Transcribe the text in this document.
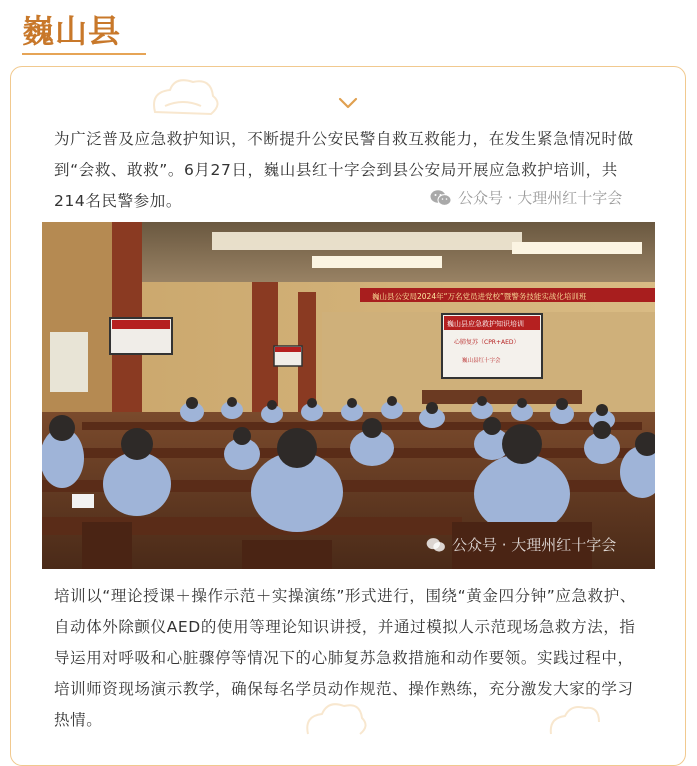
巍山县

为广泛普及应急救护知识，不断提升公安民警自救互救能力，在发生紧急情况时做到“会救、敢救”。6月27日，巍山县红十字会到县公安局开展应急救护培训，共214名民警参加。	公众号 · 大理州红十字会
巍山县公安局2024年“万名党员进党校”暨警务技能实战化培训班
巍山县应急救护知识培训
心肺复苏（CPR+AED）
巍山县红十字会
公众号 · 大理州红十字会

培训以“理论授课＋操作示范＋实操演练”形式进行，围绕“黄金四分钟”应急救护、自动体外除颤仪AED的使用等理论知识讲授，并通过模拟人示范现场急救方法，指导运用对呼吸和心脏骤停等情况下的心肺复苏急救措施和动作要领。实践过程中，培训师资现场演示教学，确保每名学员动作规范、操作熟练，充分激发大家的学习热情。
